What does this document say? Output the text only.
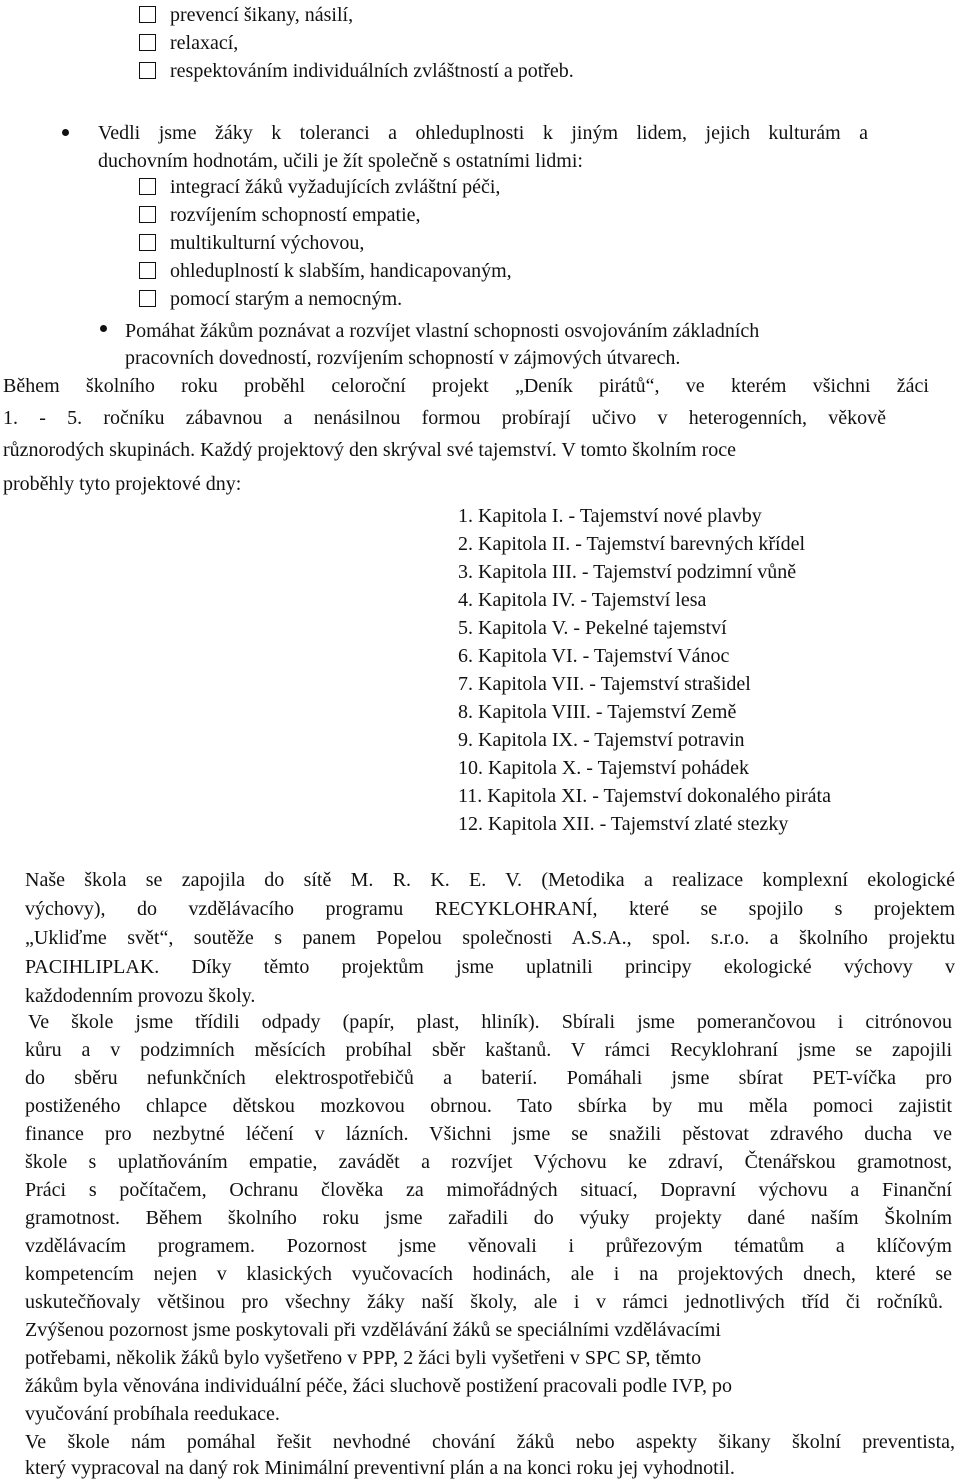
prevencí šikany, násilí,
relaxací,
respektováním individuálních zvláštností a potřeb.
Vedli jsme žáky k toleranci a ohleduplnosti k jiným lidem, jejich kulturám a
duchovním hodnotám, učili je žít společně s ostatními lidmi:
integrací žáků vyžadujících zvláštní péči,
rozvíjením schopností empatie,
multikulturní výchovou,
ohleduplností k slabším, handicapovaným,
pomocí starým a nemocným.
Pomáhat žákům poznávat a rozvíjet vlastní schopnosti osvojováním základních
pracovních dovedností, rozvíjením schopností v zájmových útvarech.
Během školního roku proběhl celoroční projekt „Deník pirátů“, ve kterém všichni žáci
1. - 5. ročníku zábavnou a nenásilnou formou probírají učivo v heterogenních, věkově
různorodých skupinách. Každý projektový den skrýval své tajemství. V tomto školním roce
proběhly tyto projektové dny:
1. Kapitola I. - Tajemství nové plavby
2. Kapitola II. - Tajemství barevných křídel
3. Kapitola III. - Tajemství podzimní vůně
4. Kapitola IV. - Tajemství lesa
5. Kapitola V. - Pekelné tajemství
6. Kapitola VI. - Tajemství Vánoc
7. Kapitola VII. - Tajemství strašidel
8. Kapitola VIII. - Tajemství Země
9. Kapitola IX. - Tajemství potravin
10. Kapitola X. - Tajemství pohádek
11. Kapitola XI. - Tajemství dokonalého piráta
12. Kapitola XII. - Tajemství zlaté stezky
Naše škola se zapojila do sítě M. R. K. E. V. (Metodika a realizace komplexní ekologické
výchovy), do vzdělávacího programu RECYKLOHRANÍ, které se spojilo s projektem
„Ukliďme svět“, soutěže s panem Popelou společnosti A.S.A., spol. s.r.o. a školního projektu
PACIHLIPLAK. Díky těmto projektům jsme uplatnili principy ekologické výchovy v
každodenním provozu školy.
Ve škole jsme třídili odpady (papír, plast, hliník). Sbírali jsme pomerančovou i citrónovou
kůru a v podzimních měsících probíhal sběr kaštanů. V rámci Recyklohraní jsme se zapojili
do sběru nefunkčních elektrospotřebičů a baterií. Pomáhali jsme sbírat PET-víčka pro
postiženého chlapce dětskou mozkovou obrnou. Tato sbírka by mu měla pomoci zajistit
finance pro nezbytné léčení v lázních. Všichni jsme se snažili pěstovat zdravého ducha ve
škole s uplatňováním empatie, zavádět a rozvíjet Výchovu ke zdraví, Čtenářskou gramotnost,
Práci s počítačem, Ochranu člověka za mimořádných situací, Dopravní výchovu a Finanční
gramotnost. Během školního roku jsme zařadili do výuky projekty dané naším Školním
vzdělávacím programem. Pozornost jsme věnovali i průřezovým tématům a klíčovým
kompetencím nejen v klasických vyučovacích hodinách, ale i na projektových dnech, které se
uskutečňovaly většinou pro všechny žáky naší školy, ale i v rámci jednotlivých tříd či ročníků.
Zvýšenou pozornost jsme poskytovali při vzdělávání žáků se speciálními vzdělávacími
potřebami, několik žáků bylo vyšetřeno v PPP, 2 žáci byli vyšetřeni v SPC SP, těmto
žákům byla věnována individuální péče, žáci sluchově postižení pracovali podle IVP, po
vyučování probíhala reedukace.
Ve škole nám pomáhal řešit nevhodné chování žáků nebo aspekty šikany školní preventista,
který vypracoval na daný rok Minimální preventivní plán a na konci roku jej vyhodnotil.
